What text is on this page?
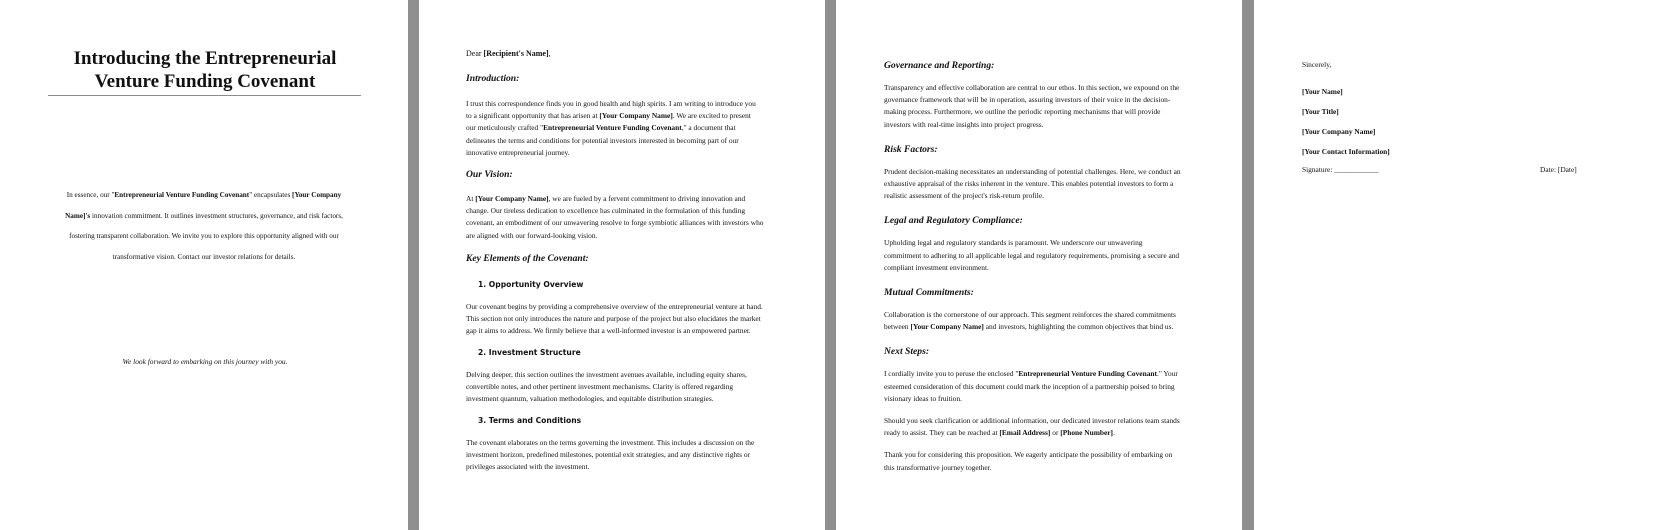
Introducing the Entrepreneurial
Venture Funding Covenant
In essence, our "Entrepreneurial Venture Funding Covenant" encapsulates [Your Company
Name]'s innovation commitment. It outlines investment structures, governance, and risk factors,
fostering transparent collaboration. We invite you to explore this opportunity aligned with our
transformative vision. Contact our investor relations for details.

We look forward to embarking on this journey with you.

Dear [Recipient's Name],

Introduction:
I trust this correspondence finds you in good health and high spirits. I am writing to introduce you
to a significant opportunity that has arisen at [Your Company Name]. We are excited to present
our meticulously crafted "Entrepreneurial Venture Funding Covenant," a document that
delineates the terms and conditions for potential investors interested in becoming part of our
innovative entrepreneurial journey.
Our Vision:
At [Your Company Name], we are fueled by a fervent commitment to driving innovation and
change. Our tireless dedication to excellence has culminated in the formulation of this funding
covenant, an embodiment of our unwavering resolve to forge symbiotic alliances with investors who
are aligned with our forward-looking vision.
Key Elements of the Covenant:
1. Opportunity Overview
Our covenant begins by providing a comprehensive overview of the entrepreneurial venture at hand.
This section not only introduces the nature and purpose of the project but also elucidates the market
gap it aims to address. We firmly believe that a well-informed investor is an empowered partner.
2. Investment Structure
Delving deeper, this section outlines the investment avenues available, including equity shares,
convertible notes, and other pertinent investment mechanisms. Clarity is offered regarding
investment quantum, valuation methodologies, and equitable distribution strategies.
3. Terms and Conditions
The covenant elaborates on the terms governing the investment. This includes a discussion on the
investment horizon, predefined milestones, potential exit strategies, and any distinctive rights or
privileges associated with the investment.
Governance and Reporting:
Transparency and effective collaboration are central to our ethos. In this section, we expound on the
governance framework that will be in operation, assuring investors of their voice in the decision-
making process. Furthermore, we outline the periodic reporting mechanisms that will provide
investors with real-time insights into project progress.
Risk Factors:
Prudent decision-making necessitates an understanding of potential challenges. Here, we conduct an
exhaustive appraisal of the risks inherent in the venture. This enables potential investors to form a
realistic assessment of the project's risk-return profile.
Legal and Regulatory Compliance:
Upholding legal and regulatory standards is paramount. We underscore our unwavering
commitment to adhering to all applicable legal and regulatory requirements, promising a secure and
compliant investment environment.
Mutual Commitments:
Collaboration is the cornerstone of our approach. This segment reinforces the shared commitments
between [Your Company Name] and investors, highlighting the common objectives that bind us.
Next Steps:
I cordially invite you to peruse the enclosed "Entrepreneurial Venture Funding Covenant." Your
esteemed consideration of this document could mark the inception of a partnership poised to bring
visionary ideas to fruition.
Should you seek clarification or additional information, our dedicated investor relations team stands
ready to assist. They can be reached at [Email Address] or [Phone Number].
Thank you for considering this proposition. We eagerly anticipate the possibility of embarking on
this transformative journey together.

Sincerely,

[Your Name]
[Your Title]
[Your Company Name]
[Your Contact Information]

Signature: ____________	Date: [Date]
